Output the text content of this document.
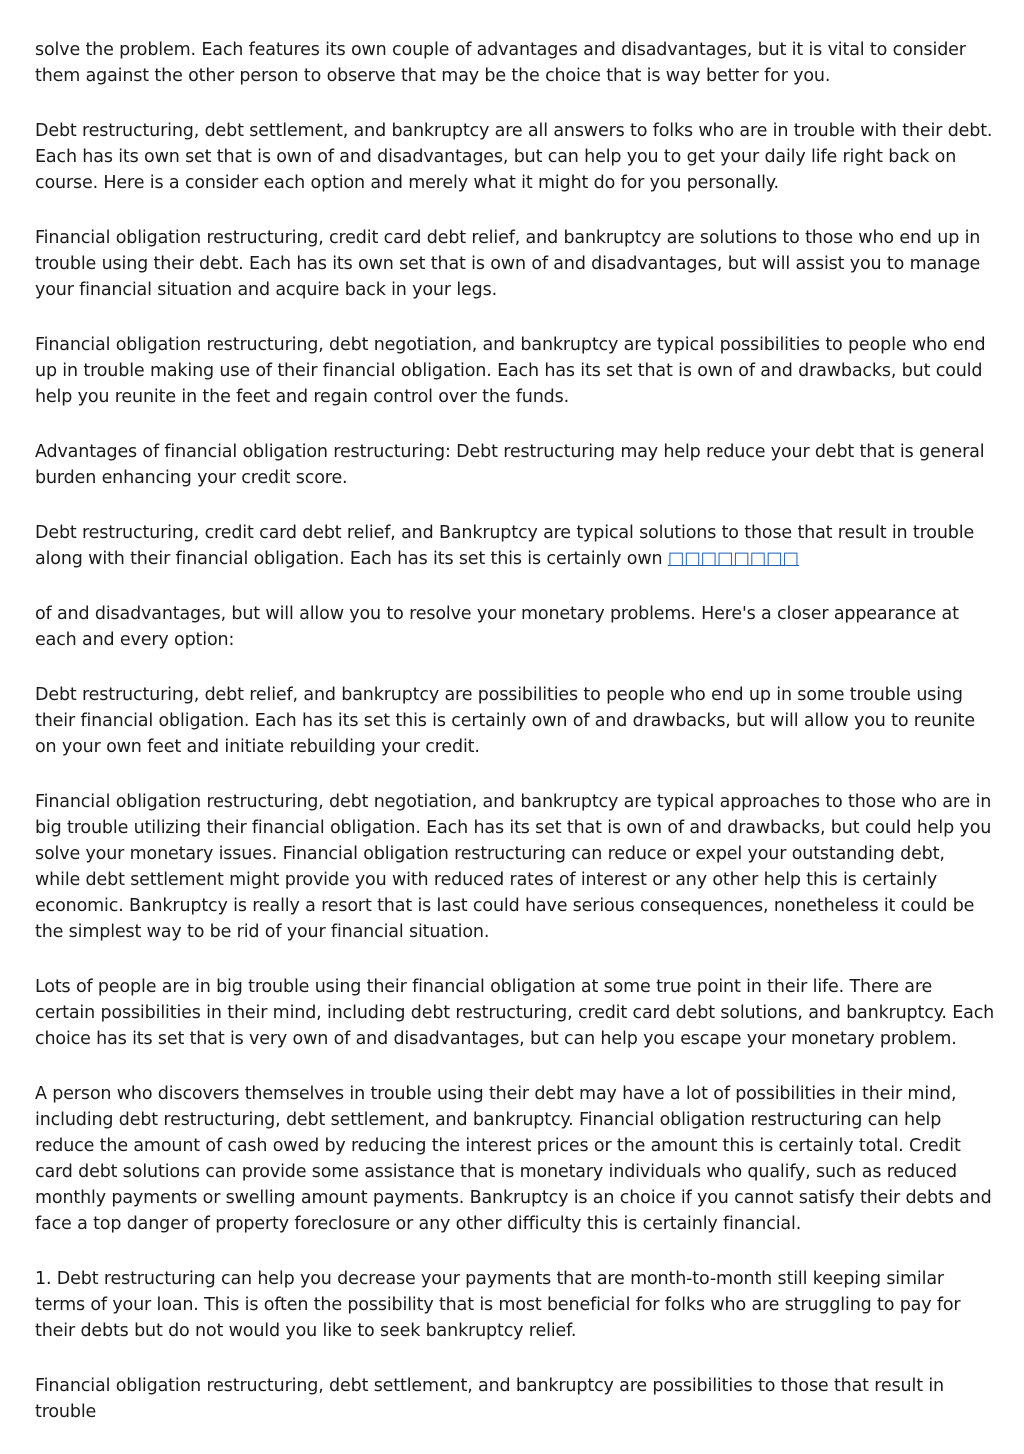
solve the problem. Each features its own couple of advantages and disadvantages, but it is vital to consider them against the other person to observe that may be the choice that is way better for you.

Debt restructuring, debt settlement, and bankruptcy are all answers to folks who are in trouble with their debt. Each has its own set that is own of and disadvantages, but can help you to get your daily life right back on course. Here is a consider each option and merely what it might do for you personally.

Financial obligation restructuring, credit card debt relief, and bankruptcy are solutions to those who end up in trouble using their debt. Each has its own set that is own of and disadvantages, but will assist you to manage your financial situation and acquire back in your legs.

Financial obligation restructuring, debt negotiation, and bankruptcy are typical possibilities to people who end up in trouble making use of their financial obligation. Each has its set that is own of and drawbacks, but could help you reunite in the feet and regain control over the funds.

Advantages of financial obligation restructuring: Debt restructuring may help reduce your debt that is general burden enhancing your credit score.

Debt restructuring, credit card debt relief, and Bankruptcy are typical solutions to those that result in trouble along with their financial obligation. Each has its set this is certainly own □□□□□□□□

of and disadvantages, but will allow you to resolve your monetary problems. Here's a closer appearance at each and every option:

Debt restructuring, debt relief, and bankruptcy are possibilities to people who end up in some trouble using their financial obligation. Each has its set this is certainly own of and drawbacks, but will allow you to reunite on your own feet and initiate rebuilding your credit.

Financial obligation restructuring, debt negotiation, and bankruptcy are typical approaches to those who are in big trouble utilizing their financial obligation. Each has its set that is own of and drawbacks, but could help you solve your monetary issues. Financial obligation restructuring can reduce or expel your outstanding debt, while debt settlement might provide you with reduced rates of interest or any other help this is certainly economic. Bankruptcy is really a resort that is last could have serious consequences, nonetheless it could be the simplest way to be rid of your financial situation.

Lots of people are in big trouble using their financial obligation at some true point in their life. There are certain possibilities in their mind, including debt restructuring, credit card debt solutions, and bankruptcy. Each choice has its set that is very own of and disadvantages, but can help you escape your monetary problem.

A person who discovers themselves in trouble using their debt may have a lot of possibilities in their mind, including debt restructuring, debt settlement, and bankruptcy. Financial obligation restructuring can help reduce the amount of cash owed by reducing the interest prices or the amount this is certainly total. Credit card debt solutions can provide some assistance that is monetary individuals who qualify, such as reduced monthly payments or swelling amount payments. Bankruptcy is an choice if you cannot satisfy their debts and face a top danger of property foreclosure or any other difficulty this is certainly financial.

1. Debt restructuring can help you decrease your payments that are month-to-month still keeping similar terms of your loan. This is often the possibility that is most beneficial for folks who are struggling to pay for their debts but do not would you like to seek bankruptcy relief.

Financial obligation restructuring, debt settlement, and bankruptcy are possibilities to those that result in trouble
